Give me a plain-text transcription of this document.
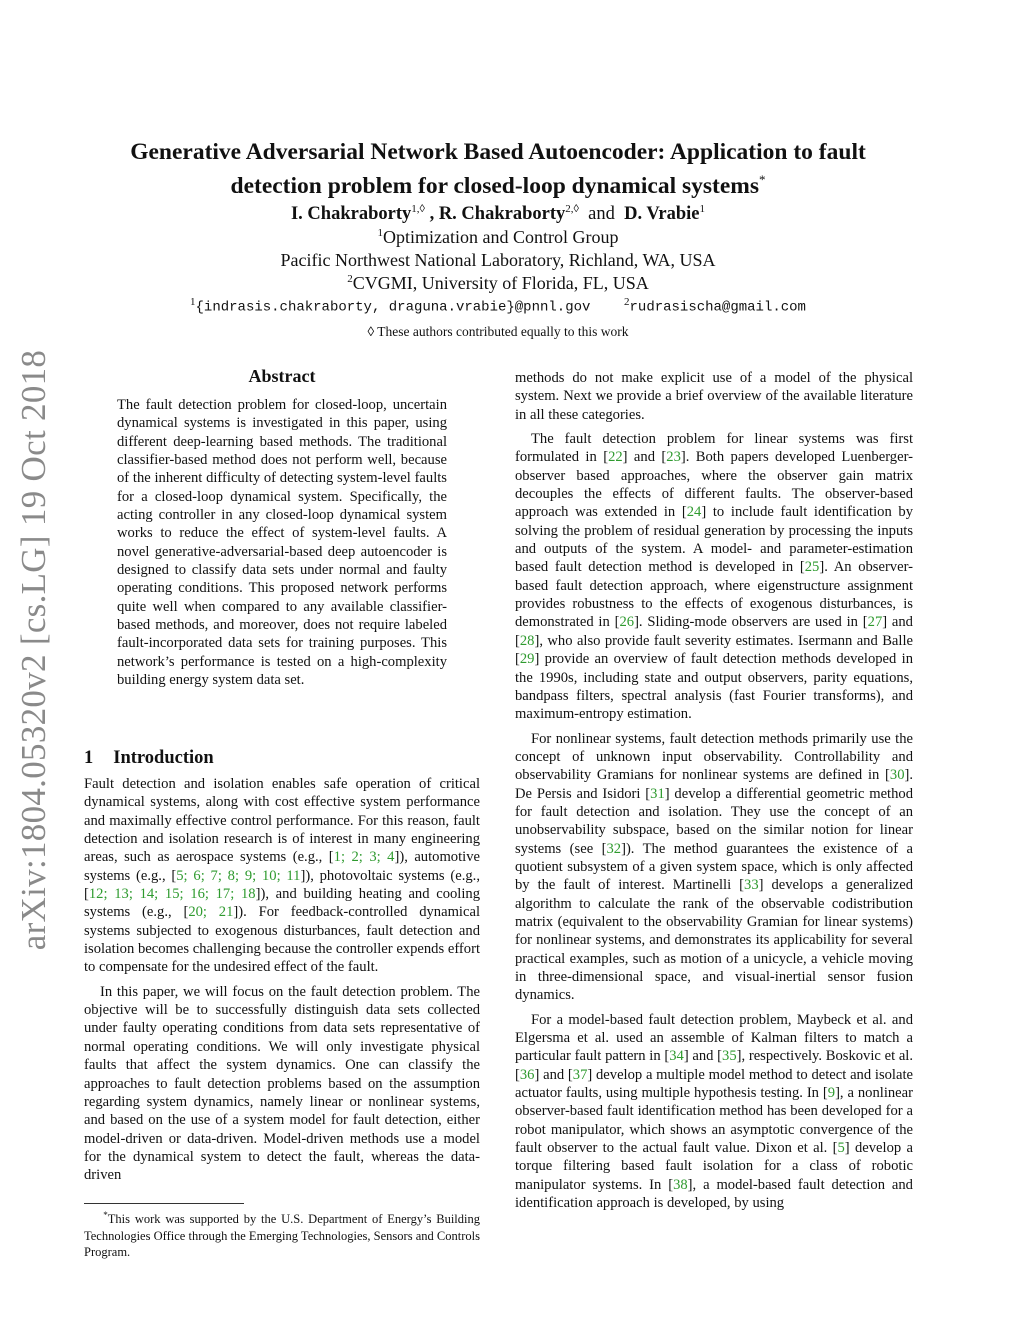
arXiv:1804.05320v2 [cs.LG] 19 Oct 2018
Generative Adversarial Network Based Autoencoder: Application to fault detection problem for closed-loop dynamical systems*
I. Chakraborty$^{1,◊}$ , R. Chakraborty$^{2,◊}$  and  D. Vrabie$^1$
$^1$Optimization and Control Group
Pacific Northwest National Laboratory, Richland, WA, USA
$^2$CVGMI, University of Florida, FL, USA
$^1${indrasis.chakraborty, draguna.vrabie}@pnnl.gov	$^2$rudrasischa@gmail.com
◊ These authors contributed equally to this work
Abstract

The fault detection problem for closed-loop, uncertain dynamical systems is investigated in this paper, using different deep-learning based methods. The traditional classifier-based method does not perform well, because of the inherent difficulty of detecting system-level faults for a closed-loop dynamical system. Specifically, the acting controller in any closed-loop dynamical system works to reduce the effect of system-level faults. A novel generative-adversarial-based deep autoencoder is designed to classify data sets under normal and faulty operating conditions. This proposed network performs quite well when compared to any available classifier-based methods, and moreover, does not require labeled fault-incorporated data sets for training purposes. This network’s performance is tested on a high-complexity building energy system data set.

1 Introduction

Fault detection and isolation enables safe operation of critical dynamical systems, along with cost effective system performance and maximally effective control performance. For this reason, fault detection and isolation research is of interest in many engineering areas, such as aerospace systems (e.g., [1; 2; 3; 4]), automotive systems (e.g., [5; 6; 7; 8; 9; 10; 11]), photovoltaic systems (e.g., [12; 13; 14; 15; 16; 17; 18]), and building heating and cooling systems (e.g., [20; 21]). For feedback-controlled dynamical systems subjected to exogenous disturbances, fault detection and isolation becomes challenging because the controller expends effort to compensate for the undesired effect of the fault.

In this paper, we will focus on the fault detection problem. The objective will be to successfully distinguish data sets collected under faulty operating conditions from data sets representative of normal operating conditions. We will only investigate physical faults that affect the system dynamics. One can classify the approaches to fault detection problems based on the assumption regarding system dynamics, namely linear or nonlinear systems, and based on the use of a system model for fault detection, either model-driven or data-driven. Model-driven methods use a model for the dynamical system to detect the fault, whereas the data-driven

*This work was supported by the U.S. Department of Energy’s Building Technologies Office through the Emerging Technologies, Sensors and Controls Program.

methods do not make explicit use of a model of the physical system. Next we provide a brief overview of the available literature in all these categories.

The fault detection problem for linear systems was first formulated in [22] and [23]. Both papers developed Luenberger-observer based approaches, where the observer gain matrix decouples the effects of different faults. The observer-based approach was extended in [24] to include fault identification by solving the problem of residual generation by processing the inputs and outputs of the system. A model- and parameter-estimation based fault detection method is developed in [25]. An observer-based fault detection approach, where eigenstructure assignment provides robustness to the effects of exogenous disturbances, is demonstrated in [26]. Sliding-mode observers are used in [27] and [28], who also provide fault severity estimates. Isermann and Balle [29] provide an overview of fault detection methods developed in the 1990s, including state and output observers, parity equations, bandpass filters, spectral analysis (fast Fourier transforms), and maximum-entropy estimation.

For nonlinear systems, fault detection methods primarily use the concept of unknown input observability. Controllability and observability Gramians for nonlinear systems are defined in [30]. De Persis and Isidori [31] develop a differential geometric method for fault detection and isolation. They use the concept of an unobservability subspace, based on the similar notion for linear systems (see [32]). The method guarantees the existence of a quotient subsystem of a given system space, which is only affected by the fault of interest. Martinelli [33] develops a generalized algorithm to calculate the rank of the observable codistribution matrix (equivalent to the observability Gramian for linear systems) for nonlinear systems, and demonstrates its applicability for several practical examples, such as motion of a unicycle, a vehicle moving in three-dimensional space, and visual-inertial sensor fusion dynamics.

For a model-based fault detection problem, Maybeck et al. and Elgersma et al. used an assemble of Kalman filters to match a particular fault pattern in [34] and [35], respectively. Boskovic et al. [36] and [37] develop a multiple model method to detect and isolate actuator faults, using multiple hypothesis testing. In [9], a nonlinear observer-based fault identification method has been developed for a robot manipulator, which shows an asymptotic convergence of the fault observer to the actual fault value. Dixon et al. [5] develop a torque filtering based fault isolation for a class of robotic manipulator systems. In [38], a model-based fault detection and identification approach is developed, by using
